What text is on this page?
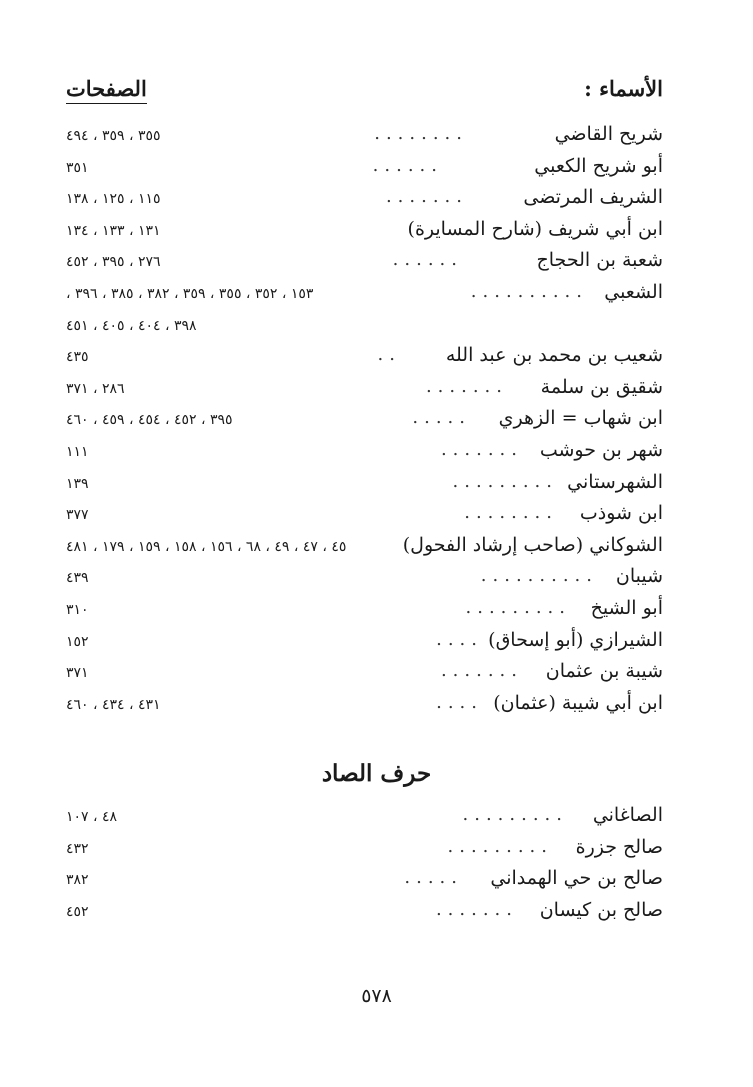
الأسماء :
الصفحات
شريح القاضي
........
٣٥٥ ، ٣٥٩ ، ٤٩٤
أبو شريح الكعبي
......
٣٥١
الشريف المرتضى
.......
١١٥ ، ١٢٥ ، ١٣٨
ابن أبي شريف (شارح المسايرة)
١٣١ ، ١٣٣ ، ١٣٤
شعبة بن الحجاج
......
٢٧٦ ، ٣٩٥ ، ٤٥٢
الشعبي
..........
١٥٣ ، ٣٥٢ ، ٣٥٥ ، ٣٥٩ ، ٣٨٢ ، ٣٨٥ ، ٣٩٦ ،
٣٩٨ ، ٤٠٤ ، ٤٠٥ ، ٤٥١
شعيب بن محمد بن عبد الله
..
٤٣٥
شقيق بن سلمة
.......
٢٨٦ ، ٣٧١
ابن شهاب = الزهري
.....
٣٩٥ ، ٤٥٢ ، ٤٥٤ ، ٤٥٩ ، ٤٦٠
شهر بن حوشب
.......
١١١
الشهرستاني
.........
١٣٩
ابن شوذب
........
٣٧٧
الشوكاني (صاحب إرشاد الفحول)
٤٥ ، ٤٧ ، ٤٩ ، ٦٨ ، ١٥٦ ، ١٥٨ ، ١٥٩ ، ١٧٩ ، ٤٨١
شيبان
..........
٤٣٩
أبو الشيخ
.........
٣١٠
الشيرازي (أبو إسحاق)
....
١٥٢
شيبة بن عثمان
.......
٣٧١
ابن أبي شيبة (عثمان)
....
٤٣١ ، ٤٣٤ ، ٤٦٠
حرف الصاد
الصاغاني
.........
٤٨ ، ١٠٧
صالح جزرة
.........
٤٣٢
صالح بن حي الهمداني
.....
٣٨٢
صالح بن كيسان
.......
٤٥٢
٥٧٨
